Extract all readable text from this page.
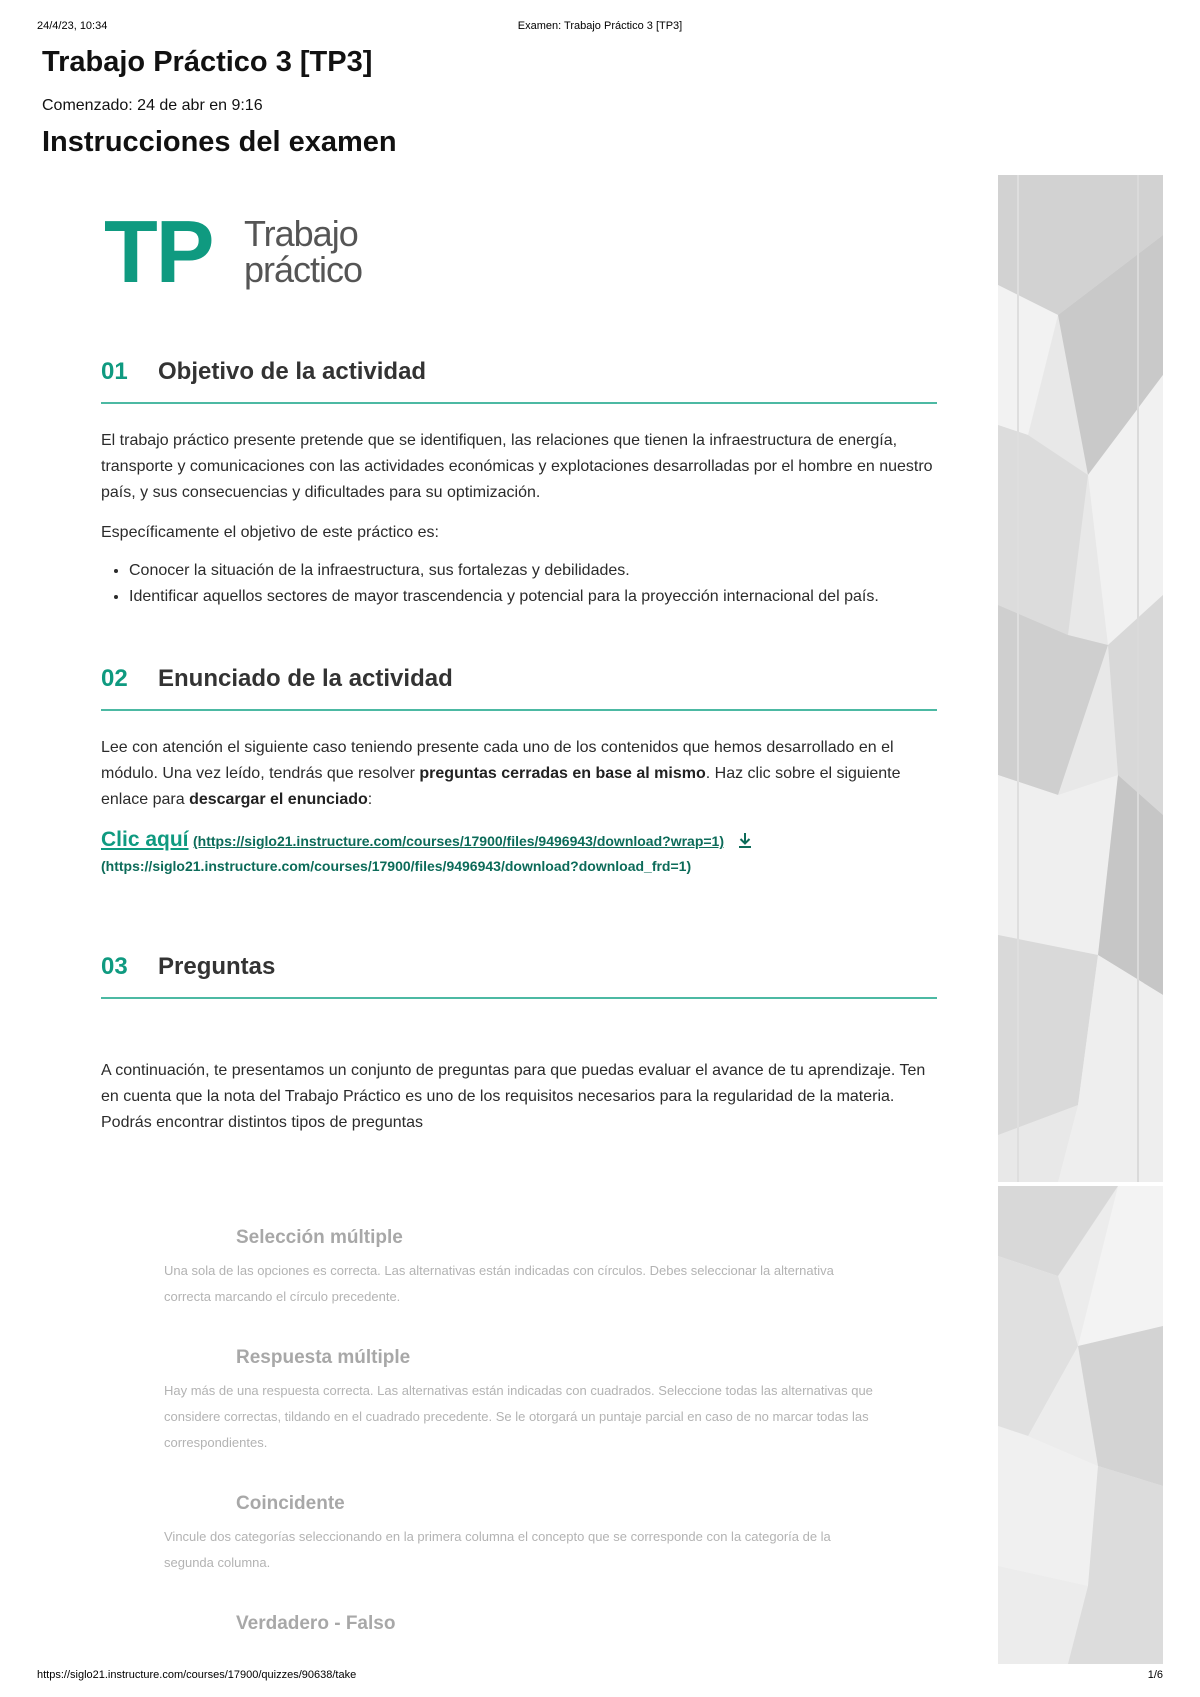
24/4/23, 10:34	Examen: Trabajo Práctico 3 [TP3]
Trabajo Práctico 3 [TP3]
Comenzado: 24 de abr en 9:16
Instrucciones del examen
TP Trabajo
práctico
01 Objetivo de la actividad

El trabajo práctico presente pretende que se identifiquen, las relaciones que tienen la infraestructura de energía, transporte y comunicaciones con las actividades económicas y explotaciones desarrolladas por el hombre en nuestro país, y sus consecuencias y dificultades para su optimización.

Específicamente el objetivo de este práctico es:

• Conocer la situación de la infraestructura, sus fortalezas y debilidades.
• Identificar aquellos sectores de mayor trascendencia y potencial para la proyección internacional del país.
02 Enunciado de la actividad

Lee con atención el siguiente caso teniendo presente cada uno de los contenidos que hemos desarrollado en el módulo. Una vez leído, tendrás que resolver preguntas cerradas en base al mismo. Haz clic sobre el siguiente enlace para descargar el enunciado:

Clic aquí (https://siglo21.instructure.com/courses/17900/files/9496943/download?wrap=1)
(https://siglo21.instructure.com/courses/17900/files/9496943/download?download_frd=1)
03 Preguntas

A continuación, te presentamos un conjunto de preguntas para que puedas evaluar el avance de tu aprendizaje. Ten en cuenta que la nota del Trabajo Práctico es uno de los requisitos necesarios para la regularidad de la materia. Podrás encontrar distintos tipos de preguntas

Selección múltiple

Una sola de las opciones es correcta. Las alternativas están indicadas con círculos. Debes seleccionar la alternativa correcta marcando el círculo precedente.

Respuesta múltiple

Hay más de una respuesta correcta. Las alternativas están indicadas con cuadrados. Seleccione todas las alternativas que considere correctas, tildando en el cuadrado precedente. Se le otorgará un puntaje parcial en caso de no marcar todas las correspondientes.

Coincidente

Vincule dos categorías seleccionando en la primera columna el concepto que se corresponde con la categoría de la segunda columna.

Verdadero - Falso
https://siglo21.instructure.com/courses/17900/quizzes/90638/take	1/6
